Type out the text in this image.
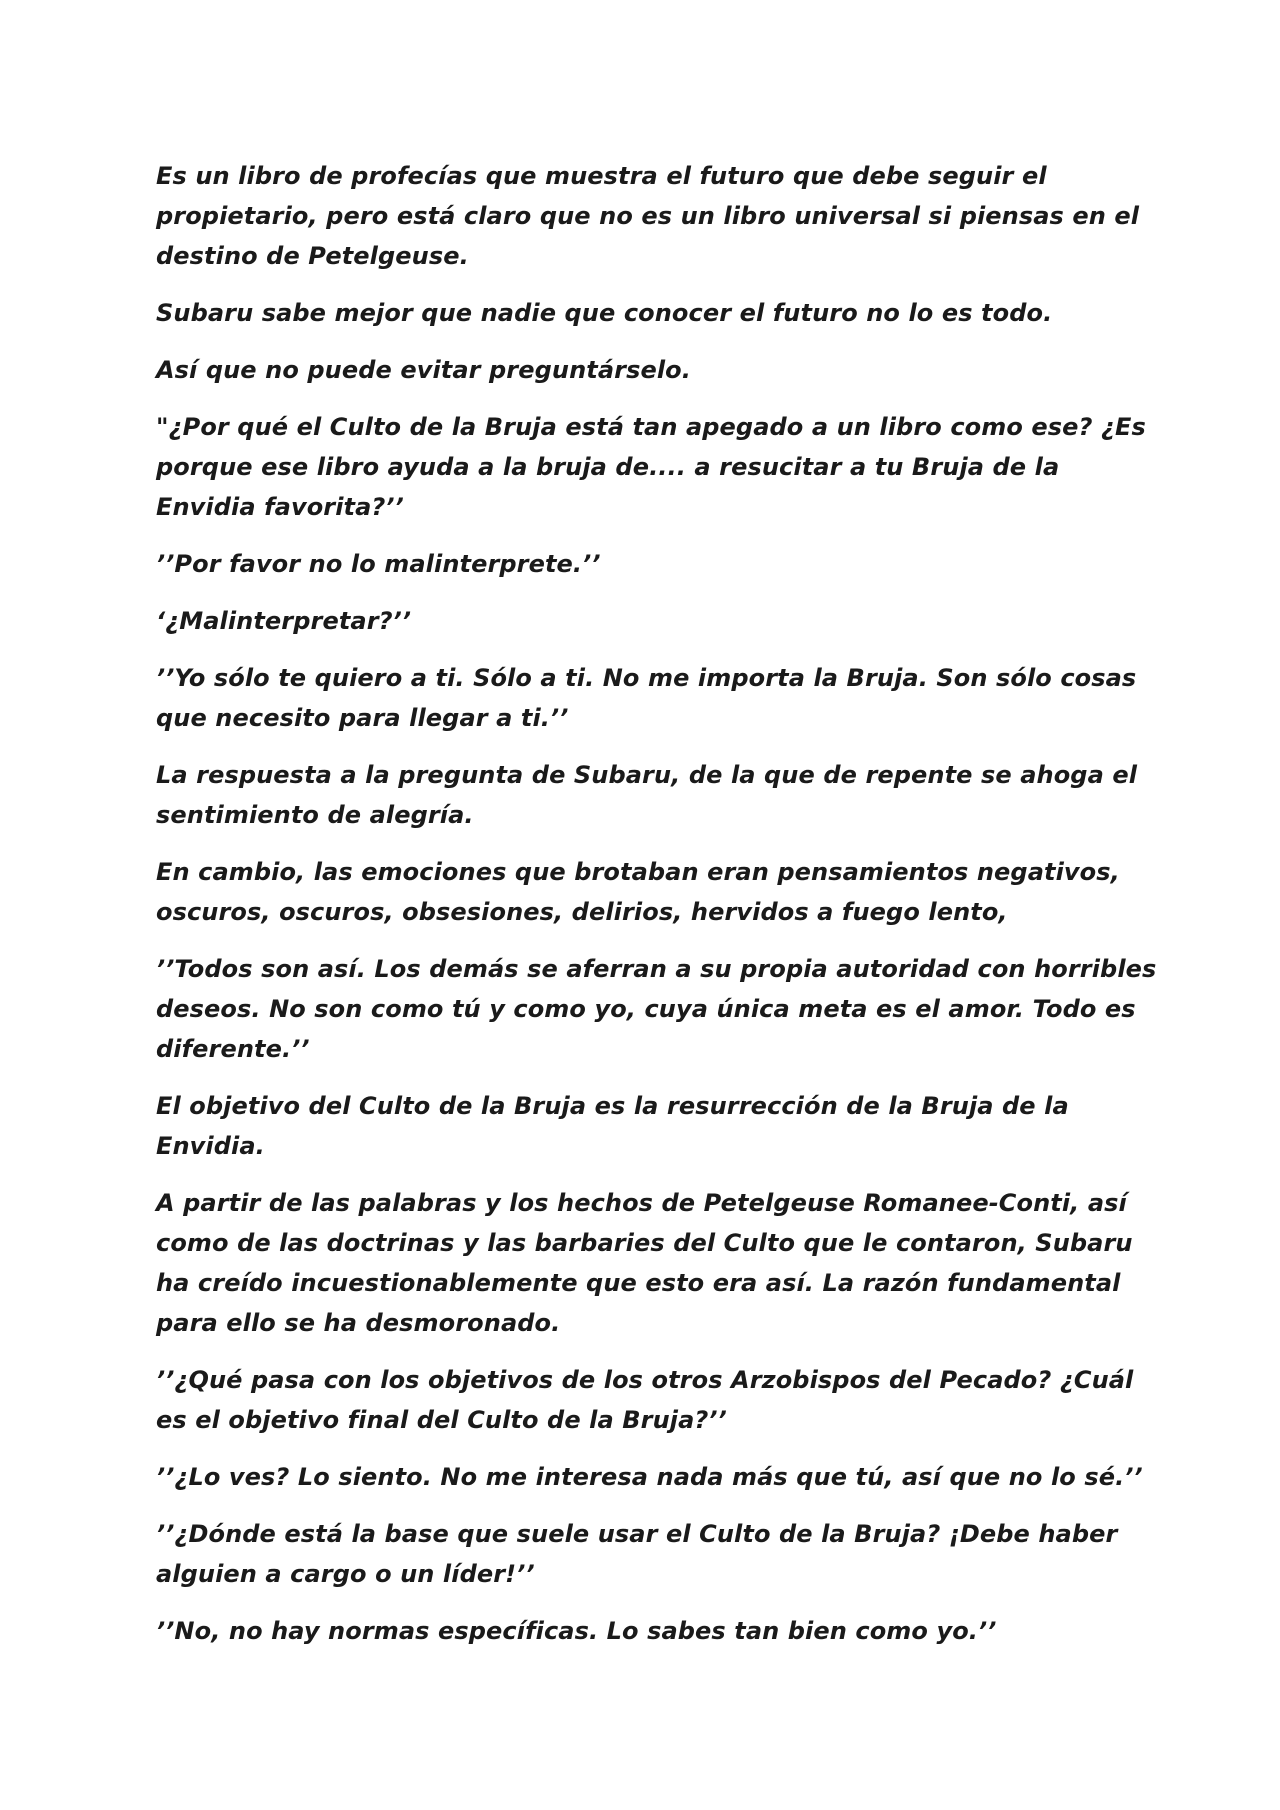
Es un libro de profecías que muestra el futuro que debe seguir el propietario, pero está claro que no es un libro universal si piensas en el destino de Petelgeuse.

Subaru sabe mejor que nadie que conocer el futuro no lo es todo.

Así que no puede evitar preguntárselo.

"¿Por qué el Culto de la Bruja está tan apegado a un libro como ese? ¿Es porque ese libro ayuda a la bruja de.... a resucitar a tu Bruja de la Envidia favorita?’’

’’Por favor no lo malinterprete.’’

‘¿Malinterpretar?’’

’’Yo sólo te quiero a ti. Sólo a ti. No me importa la Bruja. Son sólo cosas que necesito para llegar a ti.’’

La respuesta a la pregunta de Subaru, de la que de repente se ahoga el sentimiento de alegría.

En cambio, las emociones que brotaban eran pensamientos negativos, oscuros, oscuros, obsesiones, delirios, hervidos a fuego lento,

’’Todos son así. Los demás se aferran a su propia autoridad con horribles deseos. No son como tú y como yo, cuya única meta es el amor. Todo es diferente.’’

El objetivo del Culto de la Bruja es la resurrección de la Bruja de la Envidia.

A partir de las palabras y los hechos de Petelgeuse Romanee-Conti, así como de las doctrinas y las barbaries del Culto que le contaron, Subaru ha creído incuestionablemente que esto era así. La razón fundamental para ello se ha desmoronado.

’’¿Qué pasa con los objetivos de los otros Arzobispos del Pecado? ¿Cuál es el objetivo final del Culto de la Bruja?’’

’’¿Lo ves? Lo siento. No me interesa nada más que tú, así que no lo sé.’’

’’¿Dónde está la base que suele usar el Culto de la Bruja? ¡Debe haber alguien a cargo o un líder!’’

’’No, no hay normas específicas. Lo sabes tan bien como yo.’’
